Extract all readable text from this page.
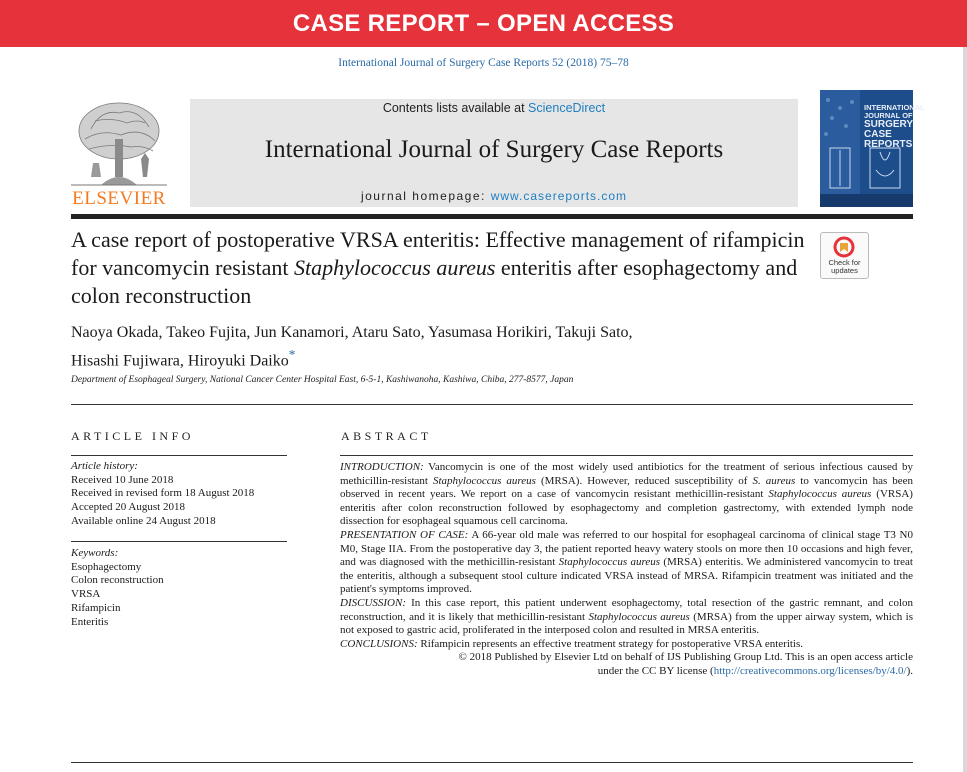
CASE REPORT – OPEN ACCESS
International Journal of Surgery Case Reports 52 (2018) 75–78
ELSEVIER
Contents lists available at ScienceDirect
International Journal of Surgery Case Reports
journal homepage: www.casereports.com
INTERNATIONAL
JOURNAL OF
SURGERY
CASE
REPORTS
A case report of postoperative VRSA enteritis: Effective management of rifampicin for vancomycin resistant Staphylococcus aureus enteritis after esophagectomy and colon reconstruction
Check for
updates
Naoya Okada, Takeo Fujita, Jun Kanamori, Ataru Sato, Yasumasa Horikiri, Takuji Sato,
Hisashi Fujiwara, Hiroyuki Daiko*
Department of Esophageal Surgery, National Cancer Center Hospital East, 6-5-1, Kashiwanoha, Kashiwa, Chiba, 277-8577, Japan
ARTICLE INFO	ABSTRACT
Article history:
Received 10 June 2018
Received in revised form 18 August 2018
Accepted 20 August 2018
Available online 24 August 2018
Keywords:
Esophagectomy
Colon reconstruction
VRSA
Rifampicin
Enteritis

INTRODUCTION: Vancomycin is one of the most widely used antibiotics for the treatment of serious infectious caused by methicillin-resistant Staphylococcus aureus (MRSA). However, reduced susceptibility of S. aureus to vancomycin has been observed in recent years. We report on a case of vancomycin resistant methicillin-resistant Staphylococcus aureus (VRSA) enteritis after colon reconstruction followed by esophagectomy and completion gastrectomy, with extended lymph node dissection for esophageal squamous cell carcinoma.

PRESENTATION OF CASE: A 66-year old male was referred to our hospital for esophageal carcinoma of clinical stage T3 N0 M0, Stage IIA. From the postoperative day 3, the patient reported heavy watery stools on more then 10 occasions and high fever, and was diagnosed with the methicillin-resistant Staphylococcus aureus (MRSA) enteritis. We administered vancomycin to treat the enteritis, although a subsequent stool culture indicated VRSA instead of MRSA. Rifampicin treatment was initiated and the patient's symptoms improved.

DISCUSSION: In this case report, this patient underwent esophagectomy, total resection of the gastric remnant, and colon reconstruction, and it is likely that methicillin-resistant Staphylococcus aureus (MRSA) from the upper airway system, which is not exposed to gastric acid, proliferated in the interposed colon and resulted in MRSA enteritis.

CONCLUSIONS: Rifampicin represents an effective treatment strategy for postoperative VRSA enteritis.

© 2018 Published by Elsevier Ltd on behalf of IJS Publishing Group Ltd. This is an open access article

under the CC BY license (http://creativecommons.org/licenses/by/4.0/).
